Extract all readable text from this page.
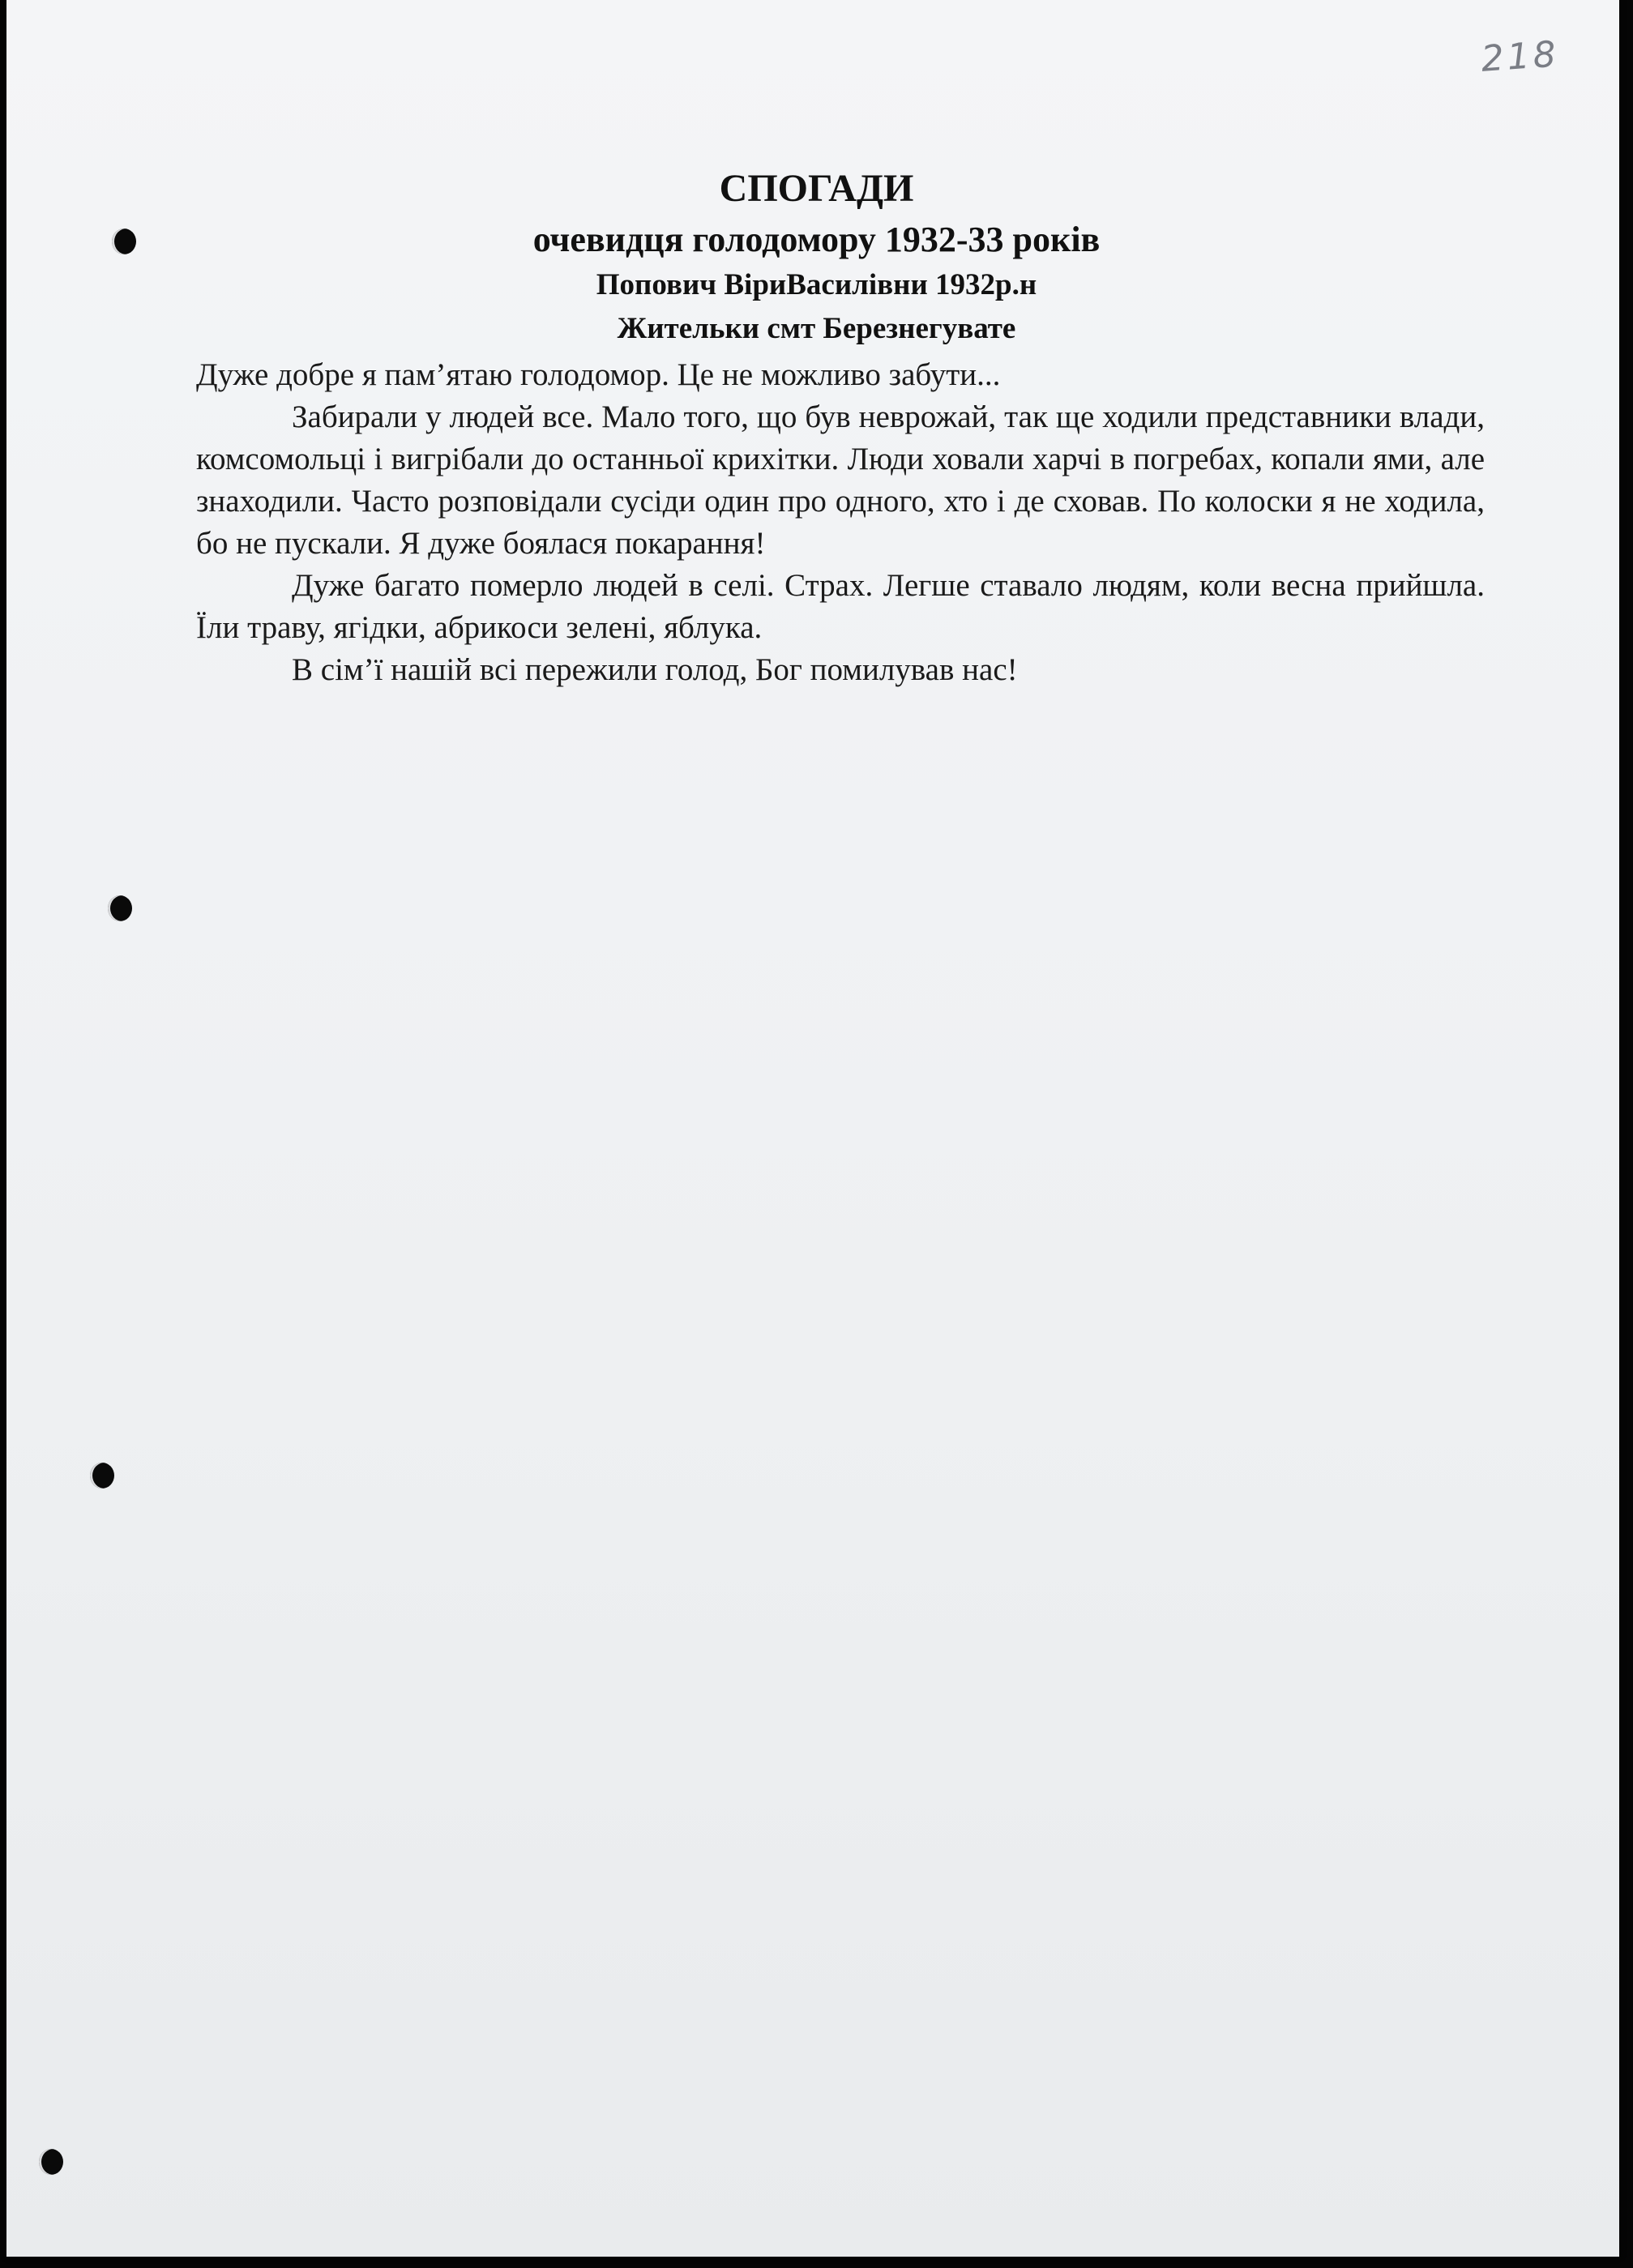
218
СПОГАДИ
очевидця голодомору 1932-33 років
Попович ВіриВасилівни 1932р.н
Жительки смт Березнегувате

Дуже добре я пам’ятаю голодомор. Це не можливо забути...

Забирали у людей все. Мало того, що був неврожай, так ще ходили представники влади, комсомольці і вигрібали до останньої крихітки. Люди ховали харчі в погребах, копали ями, але знаходили. Часто розповідали сусіди один про одного, хто і де сховав. По колоски я не ходила, бо не пускали. Я дуже боялася покарання!

Дуже багато померло людей в селі. Страх. Легше ставало людям, коли весна прийшла. Їли траву, ягідки, абрикоси зелені, яблука.

В сім’ї нашій всі пережили голод, Бог помилував нас!
